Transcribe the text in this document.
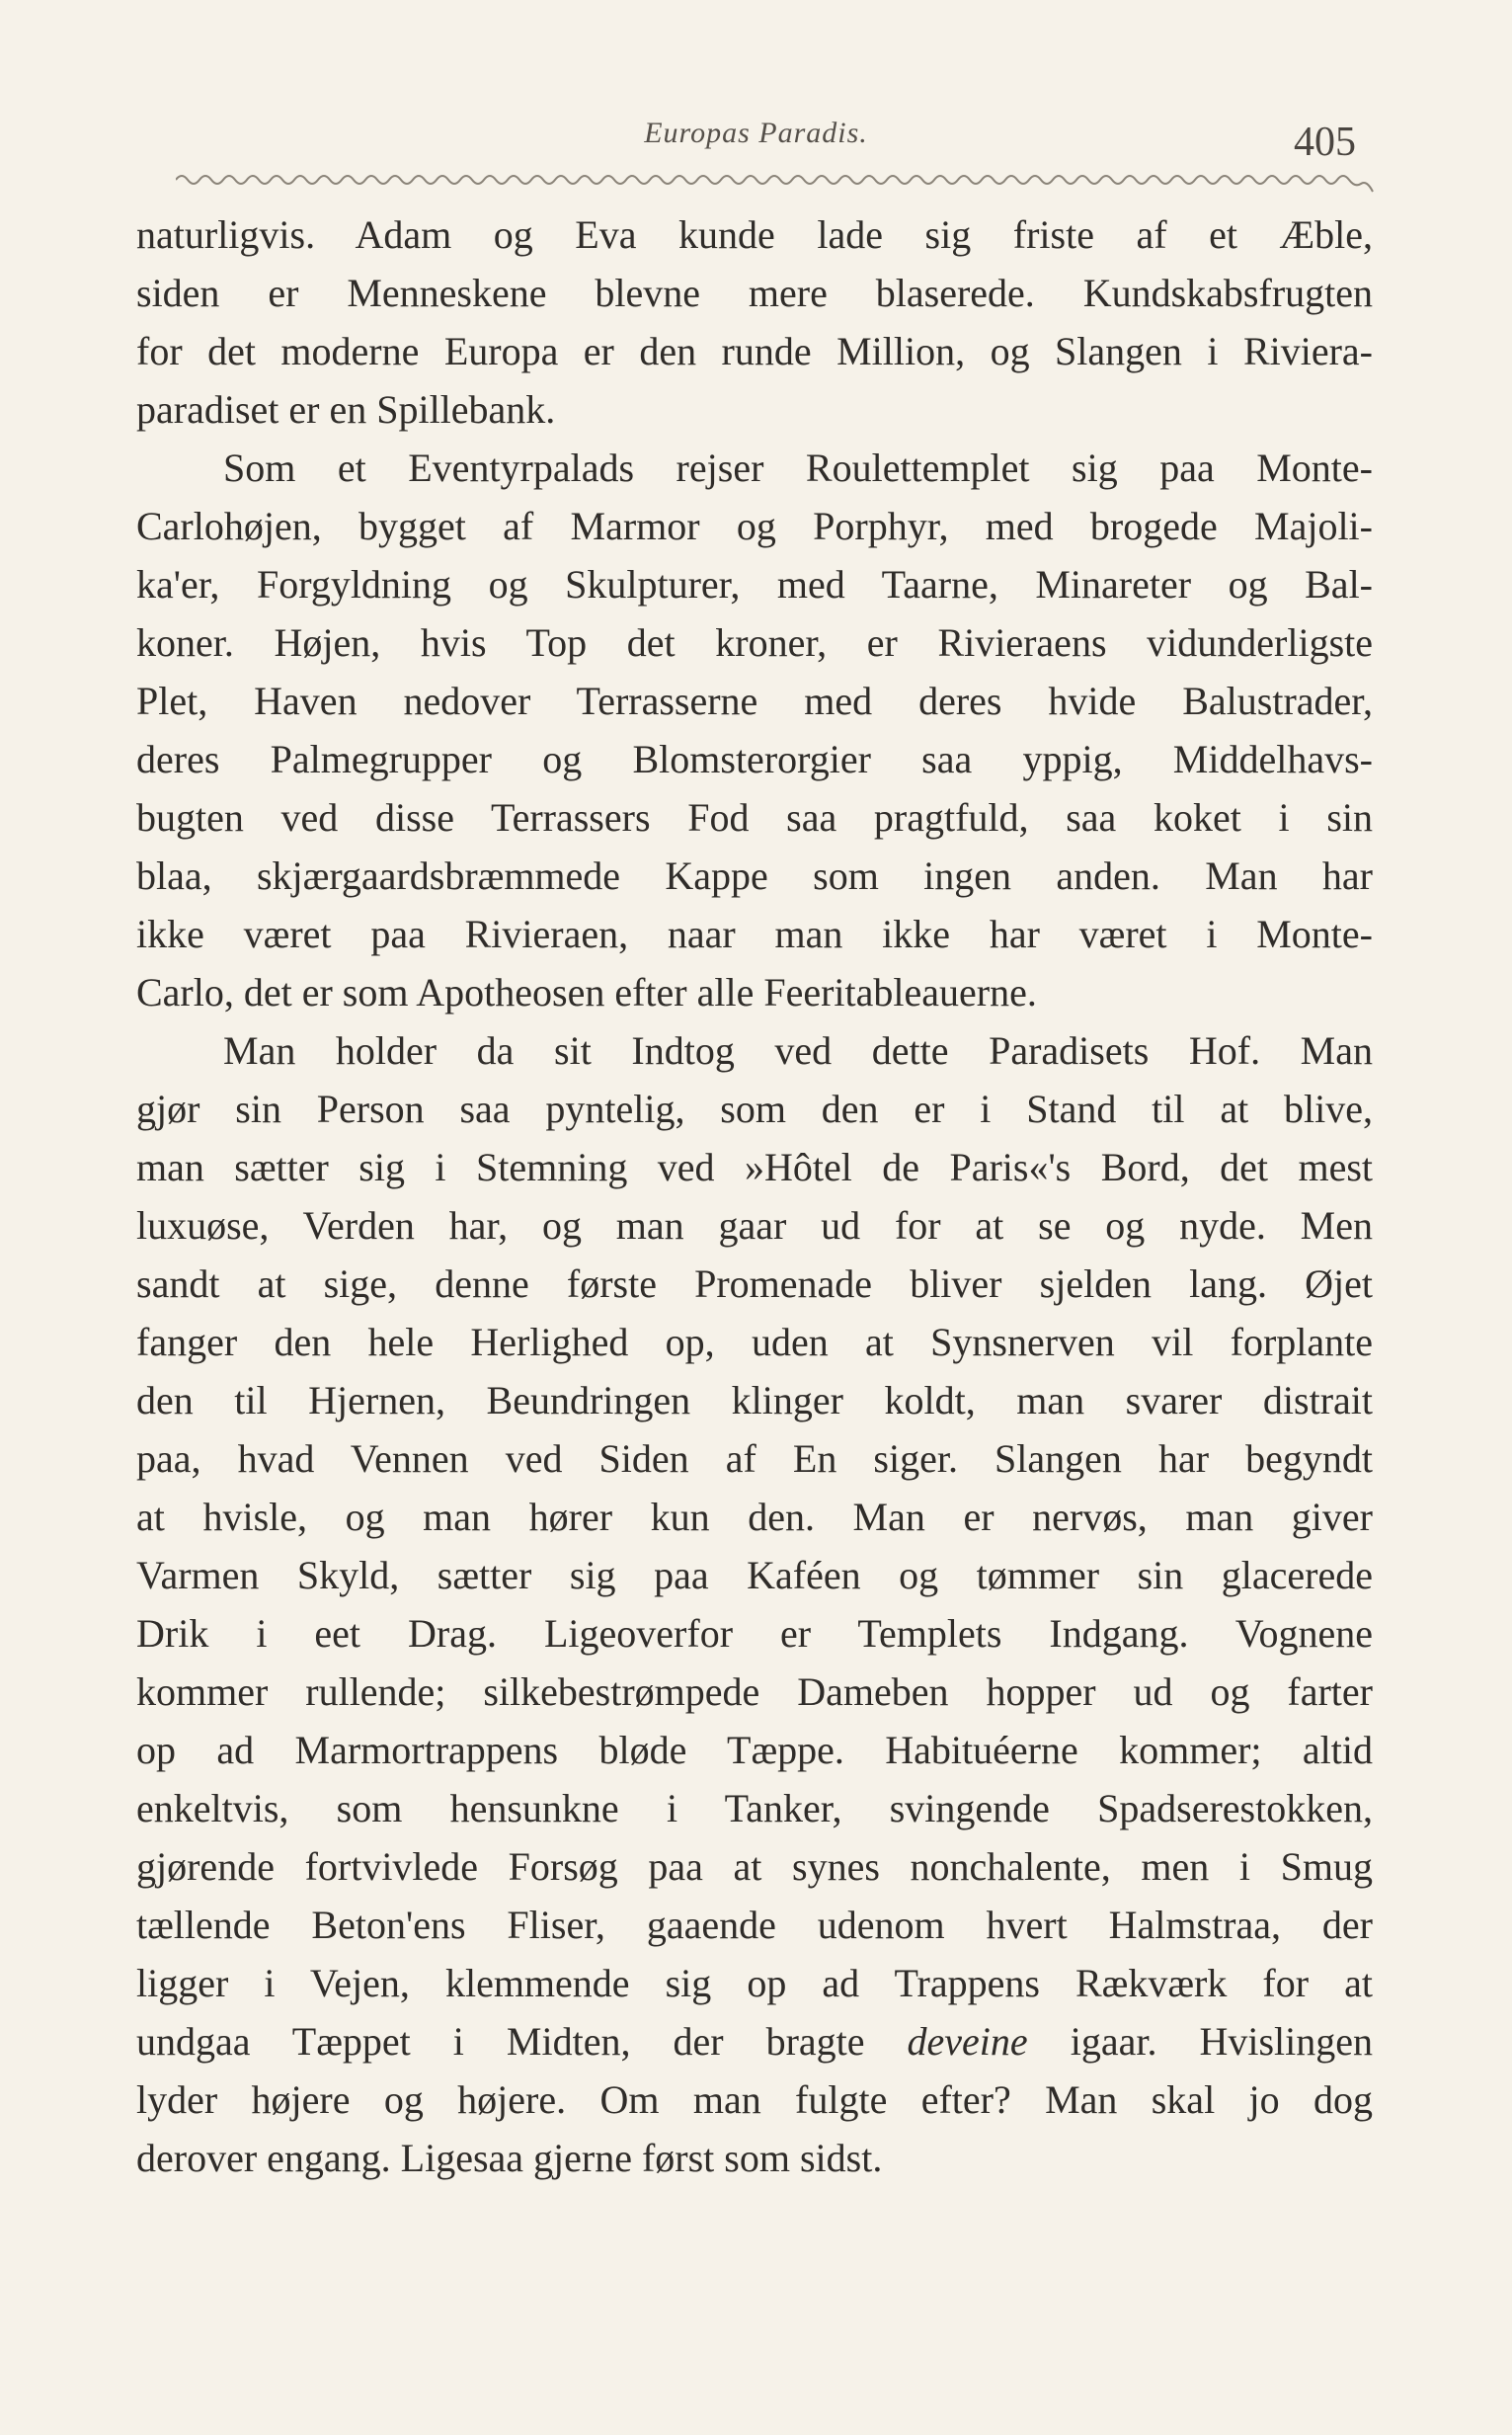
Europas Paradis.	405
naturligvis. Adam og Eva kunde lade sig friste af et Æble,
siden er Menneskene blevne mere blaserede. Kundskabsfrugten
for det moderne Europa er den runde Million, og Slangen i Riviera-
paradiset er en Spillebank.
Som et Eventyrpalads rejser Roulettemplet sig paa Monte-
Carlohøjen, bygget af Marmor og Porphyr, med brogede Majoli-
ka'er, Forgyldning og Skulpturer, med Taarne, Minareter og Bal-
koner. Højen, hvis Top det kroner, er Rivieraens vidunderligste
Plet, Haven nedover Terrasserne med deres hvide Balustrader,
deres Palmegrupper og Blomsterorgier saa yppig, Middelhavs-
bugten ved disse Terrassers Fod saa pragtfuld, saa koket i sin
blaa, skjærgaardsbræmmede Kappe som ingen anden. Man har
ikke været paa Rivieraen, naar man ikke har været i Monte-
Carlo, det er som Apotheosen efter alle Feeritableauerne.
Man holder da sit Indtog ved dette Paradisets Hof. Man
gjør sin Person saa pyntelig, som den er i Stand til at blive,
man sætter sig i Stemning ved »Hôtel de Paris«'s Bord, det mest
luxuøse, Verden har, og man gaar ud for at se og nyde. Men
sandt at sige, denne første Promenade bliver sjelden lang. Øjet
fanger den hele Herlighed op, uden at Synsnerven vil forplante
den til Hjernen, Beundringen klinger koldt, man svarer distrait
paa, hvad Vennen ved Siden af En siger. Slangen har begyndt
at hvisle, og man hører kun den. Man er nervøs, man giver
Varmen Skyld, sætter sig paa Kaféen og tømmer sin glacerede
Drik i eet Drag. Ligeoverfor er Templets Indgang. Vognene
kommer rullende; silkebestrømpede Dameben hopper ud og farter
op ad Marmortrappens bløde Tæppe. Habituéerne kommer; altid
enkeltvis, som hensunkne i Tanker, svingende Spadserestokken,
gjørende fortvivlede Forsøg paa at synes nonchalente, men i Smug
tællende Beton'ens Fliser, gaaende udenom hvert Halmstraa, der
ligger i Vejen, klemmende sig op ad Trappens Rækværk for at
undgaa Tæppet i Midten, der bragte deveine igaar. Hvislingen
lyder højere og højere. Om man fulgte efter? Man skal jo dog
derover engang. Ligesaa gjerne først som sidst.
